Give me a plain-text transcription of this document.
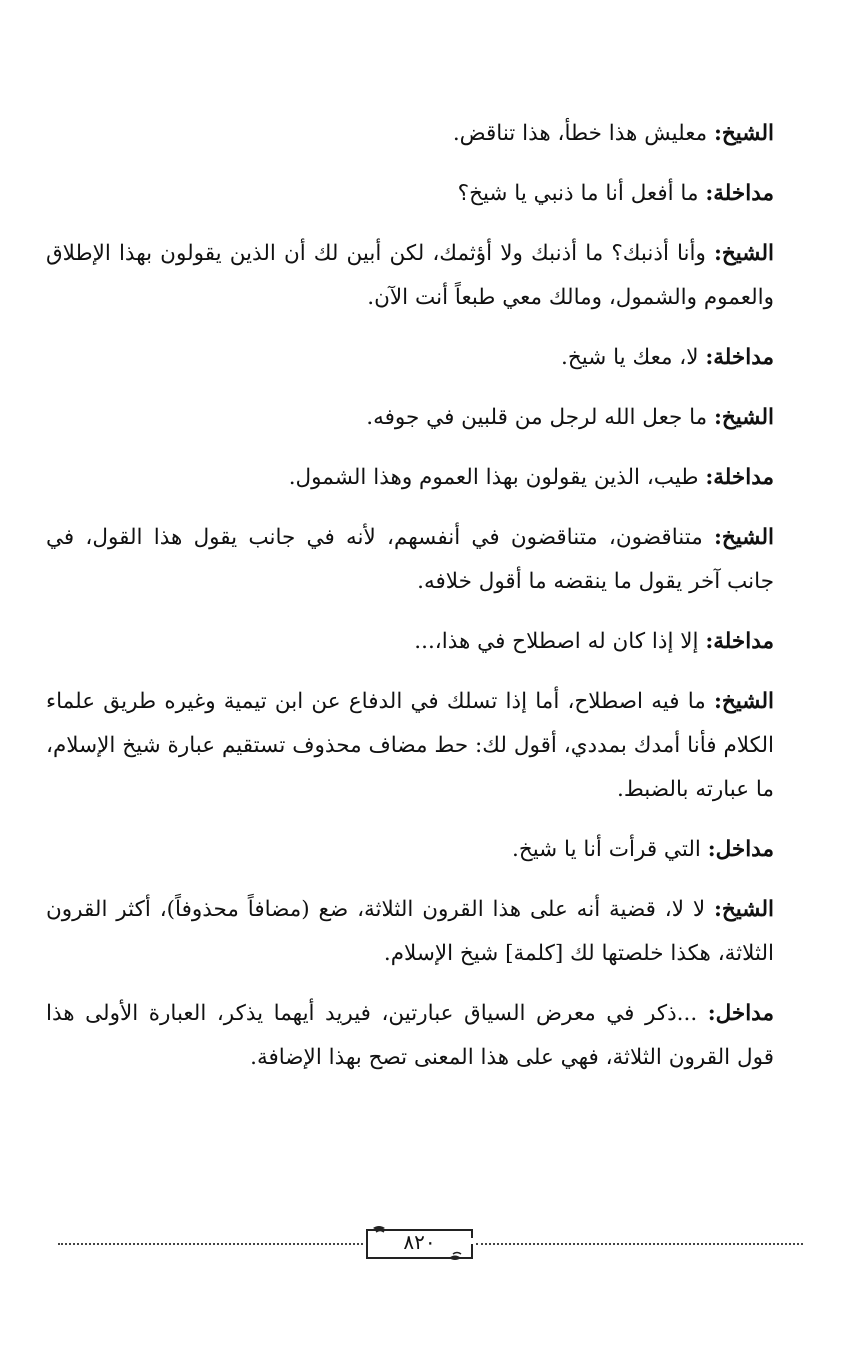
الشيخ: معليش هذا خطأ، هذا تناقض.

مداخلة: ما أفعل أنا ما ذنبي يا شيخ؟

الشيخ: وأنا أذنبك؟ ما أذنبك ولا أؤثمك، لكن أبين لك أن الذين يقولون بهذا الإطلاق والعموم والشمول، ومالك معي طبعاً أنت الآن.

مداخلة: لا، معك يا شيخ.

الشيخ: ما جعل الله لرجل من قلبين في جوفه.

مداخلة: طيب، الذين يقولون بهذا العموم وهذا الشمول.

الشيخ: متناقضون، متناقضون في أنفسهم، لأنه في جانب يقول هذا القول، في جانب آخر يقول ما ينقضه ما أقول خلافه.

مداخلة: إلا إذا كان له اصطلاح في هذا،...

الشيخ: ما فيه اصطلاح، أما إذا تسلك في الدفاع عن ابن تيمية وغيره طريق علماء الكلام فأنا أمدك بمددي، أقول لك: حط مضاف محذوف تستقيم عبارة شيخ الإسلام، ما عبارته بالضبط.

مداخل: التي قرأت أنا يا شيخ.

الشيخ: لا لا، قضية أنه على هذا القرون الثلاثة، ضع (مضافاً محذوفاً)، أكثر القرون الثلاثة، هكذا خلصتها لك [كلمة] شيخ الإسلام.

مداخل: ...ذكر في معرض السياق عبارتين، فيريد أيهما يذكر، العبارة الأولى هذا قول القرون الثلاثة، فهي على هذا المعنى تصح بهذا الإضافة.

٨٢٠
